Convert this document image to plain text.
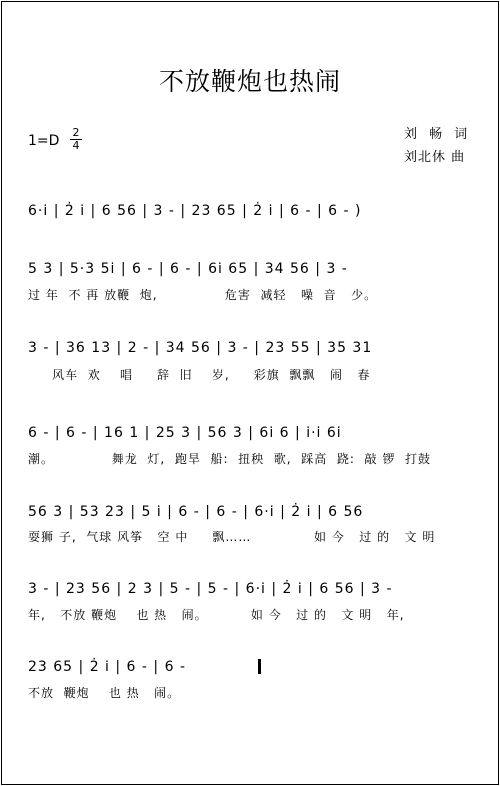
不放鞭炮也热闹
$1=D \frac{2}{4}$	刘 畅 词
刘北休 曲
6·i̇ | 2̇ i̇ | 6 56 | 3 - | 23 65 | 2̇ i̇ | 6 - | 6 - )
5 3 | 5·3 5i̇ | 6 - | 6 - | 6i̇ 65 | 34 56 | 3 -
过 年  不 再 放鞭  炮,              危害  减轻   噪  音   少。
3 - | 36 13 | 2 - | 34 56 | 3 - | 23 55 | 35 31
风车  欢    唱     辞  旧    岁,     彩旗  飘飘   闹   春
6 - | 6 - | 16 1 | 25 3 | 56 3 | 6i̇ 6 | i̇·i̇ 6i̇
潮。            舞龙  灯,  跑旱  船:  扭秧  歌,  踩高  跷:  敲 锣  打鼓
56 3 | 53 23 | 5 i̇ | 6 - | 6 - | 6·i̇ | 2̇ i̇ | 6 56
耍狮 子,  气球 风筝   空 中     飘……             如 今   过 的   文 明
3 - | 23 56 | 2 3 | 5 - | 5 - | 6·i̇ | 2̇ i̇ | 6 56 | 3 -
年,   不放 鞭炮    也 热   闹。         如 今   过 的   文 明   年,
23 65 | 2̇ i̇ | 6 - | 6 -
不放  鞭炮    也 热   闹。
